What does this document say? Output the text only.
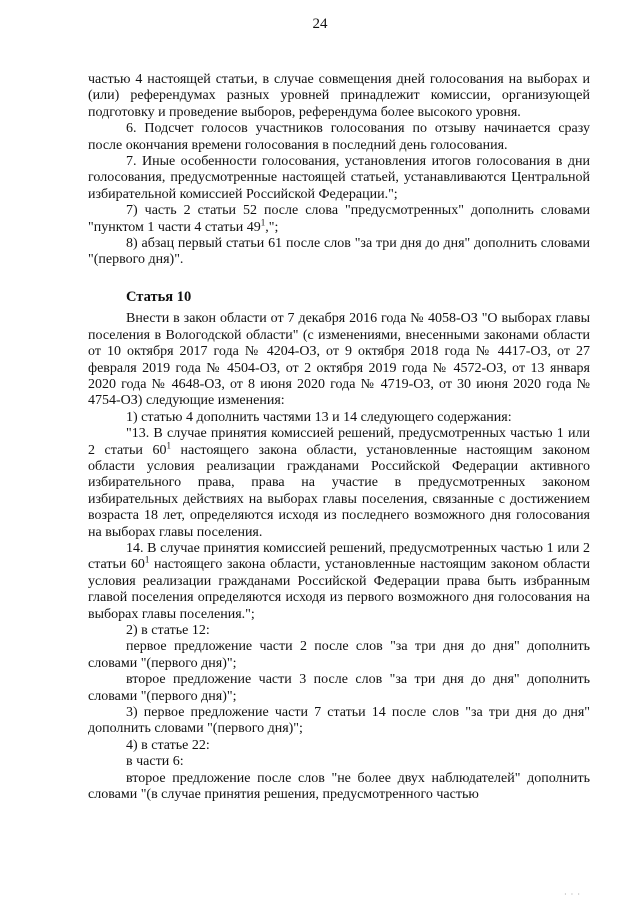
24

частью 4 настоящей статьи, в случае совмещения дней голосования на выборах и (или) референдумах разных уровней принадлежит комиссии, организующей подготовку и проведение выборов, референдума более высокого уровня.

6. Подсчет голосов участников голосования по отзыву начинается сразу после окончания времени голосования в последний день голосования.

7. Иные особенности голосования, установления итогов голосования в дни голосования, предусмотренные настоящей статьей, устанавливаются Центральной избирательной комиссией Российской Федерации.";

7) часть 2 статьи 52 после слова "предусмотренных" дополнить словами "пунктом 1 части 4 статьи $49^1$,";

8) абзац первый статьи 61 после слов "за три дня до дня" дополнить словами "(первого дня)".

Статья 10

Внести в закон области от 7 декабря 2016 года № 4058-ОЗ "О выборах главы поселения в Вологодской области" (с изменениями, внесенными законами области от 10 октября 2017 года № 4204-ОЗ, от 9 октября 2018 года № 4417-ОЗ, от 27 февраля 2019 года № 4504-ОЗ, от 2 октября 2019 года № 4572-ОЗ, от 13 января 2020 года № 4648-ОЗ, от 8 июня 2020 года № 4719-ОЗ, от 30 июня 2020 года № 4754-ОЗ) следующие изменения:

1) статью 4 дополнить частями 13 и 14 следующего содержания:

"13. В случае принятия комиссией решений, предусмотренных частью 1 или 2 статьи $60^1$ настоящего закона области, установленные настоящим законом области условия реализации гражданами Российской Федерации активного избирательного права, права на участие в предусмотренных законом избирательных действиях на выборах главы поселения, связанные с достижением возраста 18 лет, определяются исходя из последнего возможного дня голосования на выборах главы поселения.

14. В случае принятия комиссией решений, предусмотренных частью 1 или 2 статьи $60^1$ настоящего закона области, установленные настоящим законом области условия реализации гражданами Российской Федерации права быть избранным главой поселения определяются исходя из первого возможного дня голосования на выборах главы поселения.";

2) в статье 12:

первое предложение части 2 после слов "за три дня до дня" дополнить словами "(первого дня)";

второе предложение части 3 после слов "за три дня до дня" дополнить словами "(первого дня)";

3) первое предложение части 7 статьи 14 после слов "за три дня до дня" дополнить словами "(первого дня)";

4) в статье 22:

в части 6:

второе предложение после слов "не более двух наблюдателей" дополнить словами "(в случае принятия решения, предусмотренного частью

· · ·
